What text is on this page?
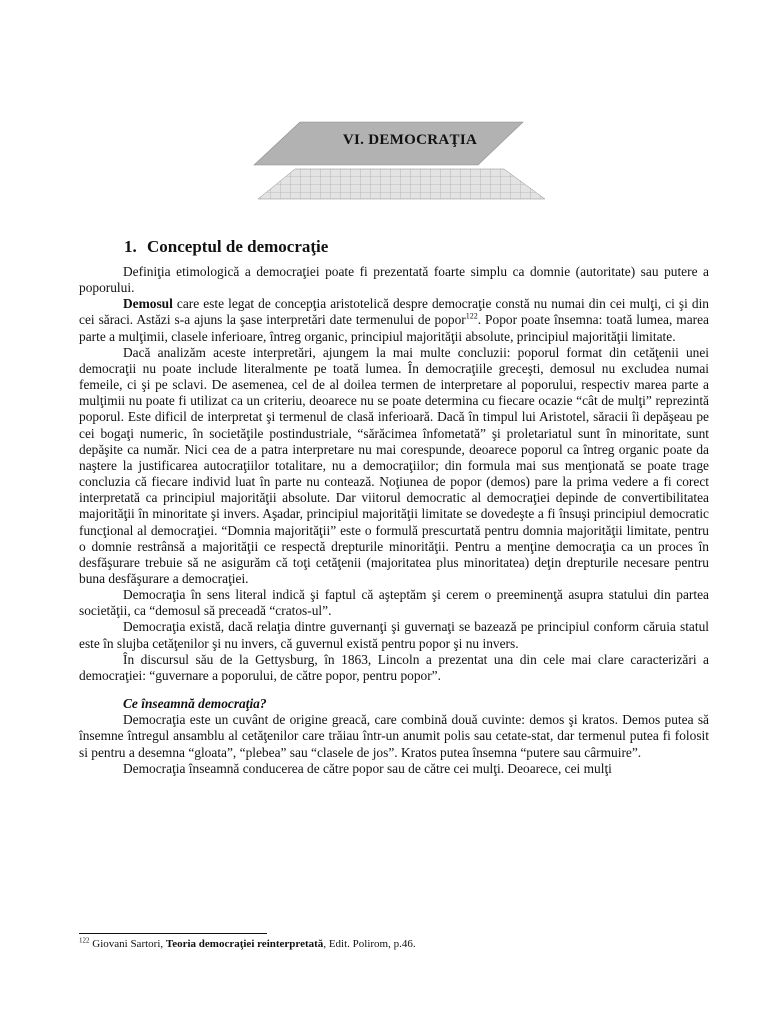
VI. DEMOCRAŢIA
1. Conceptul de democraţie

Definiţia etimologică a democraţiei poate fi prezentată foarte simplu ca domnie (autoritate) sau putere a poporului.

Demosul care este legat de concepţia aristotelică despre democraţie constă nu numai din cei mulţi, ci şi din cei săraci. Astăzi s-a ajuns la şase interpretări date termenului de popor$^{122}$. Popor poate însemna: toată lumea, marea parte a mulţimii, clasele inferioare, întreg organic, principiul majorităţii absolute, principiul majorităţii limitate.

Dacă analizăm aceste interpretări, ajungem la mai multe concluzii: poporul format din cetăţenii unei democraţii nu poate include literalmente pe toată lumea. În democraţiile greceşti, demosul nu excludea numai femeile, ci şi pe sclavi. De asemenea, cel de al doilea termen de interpretare al poporului, respectiv marea parte a mulţimii nu poate fi utilizat ca un criteriu, deoarece nu se poate determina cu fiecare ocazie “cât de mulţi” reprezintă poporul. Este dificil de interpretat şi termenul de clasă inferioară. Dacă în timpul lui Aristotel, săracii îi depăşeau pe cei bogaţi numeric, în societăţile postindustriale, “sărăcimea înfometată” şi proletariatul sunt în minoritate, sunt depăşite ca număr. Nici cea de a patra interpretare nu mai corespunde, deoarece poporul ca întreg organic poate da naştere la justificarea autocraţiilor totalitare, nu a democraţiilor; din formula mai sus menţionată se poate trage concluzia că fiecare individ luat în parte nu contează. Noţiunea de popor (demos) pare la prima vedere a fi corect interpretată ca principiul majorităţii absolute. Dar viitorul democratic al democraţiei depinde de convertibilitatea majorităţii în minoritate şi invers. Aşadar, principiul majorităţii limitate se dovedeşte a fi însuşi principiul democratic funcţional al democraţiei. “Domnia majorităţii” este o formulă prescurtată pentru domnia majorităţii limitate, pentru o domnie restrânsă a majorităţii ce respectă drepturile minorităţii. Pentru a menţine democraţia ca un proces în desfăşurare trebuie să ne asigurăm că toţi cetăţenii (majoritatea plus minoritatea) deţin drepturile necesare pentru buna desfăşurare a democraţiei.

Democraţia în sens literal indică şi faptul că aşteptăm şi cerem o preeminenţă asupra statului din partea societăţii, ca “demosul să preceadă “cratos-ul”.

Democraţia există, dacă relaţia dintre guvernanţi şi guvernaţi se bazează pe principiul conform căruia statul este în slujba cetăţenilor şi nu invers, că guvernul există pentru popor şi nu invers.

În discursul său de la Gettysburg, în 1863, Lincoln a prezentat una din cele mai clare caracterizări a democraţiei: “guvernare a poporului, de către popor, pentru popor”.

Ce înseamnă democraţia?

Democraţia este un cuvânt de origine greacă, care combină două cuvinte: demos şi kratos. Demos putea să însemne întregul ansamblu al cetăţenilor care trăiau într-un anumit polis sau cetate-stat, dar termenul putea fi folosit si pentru a desemna “gloata”, “plebea” sau “clasele de jos”. Kratos putea însemna “putere sau cârmuire”.

Democraţia înseamnă conducerea de către popor sau de către cei mulţi. Deoarece, cei mulţi

$^{122}$ Giovani Sartori, Teoria democraţiei reinterpretată, Edit. Polirom, p.46.
